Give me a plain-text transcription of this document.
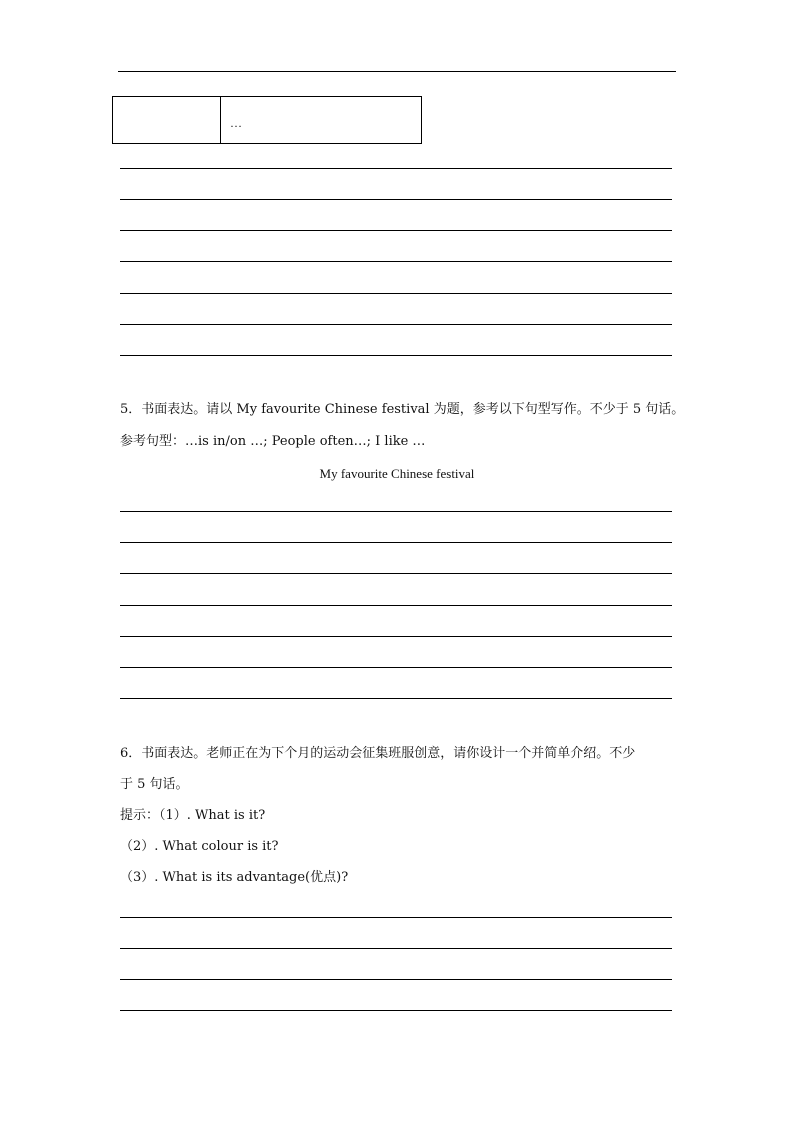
…
5．书面表达。请以 My favourite Chinese festival 为题，参考以下句型写作。不少于 5 句话。
参考句型：…is in/on …; People often…; I like …
My favourite Chinese festival
6．书面表达。老师正在为下个月的运动会征集班服创意，请你设计一个并简单介绍。不少
于 5 句话。
提示：（1）. What is it?
（2）. What colour is it?
（3）. What is its advantage(优点)?
